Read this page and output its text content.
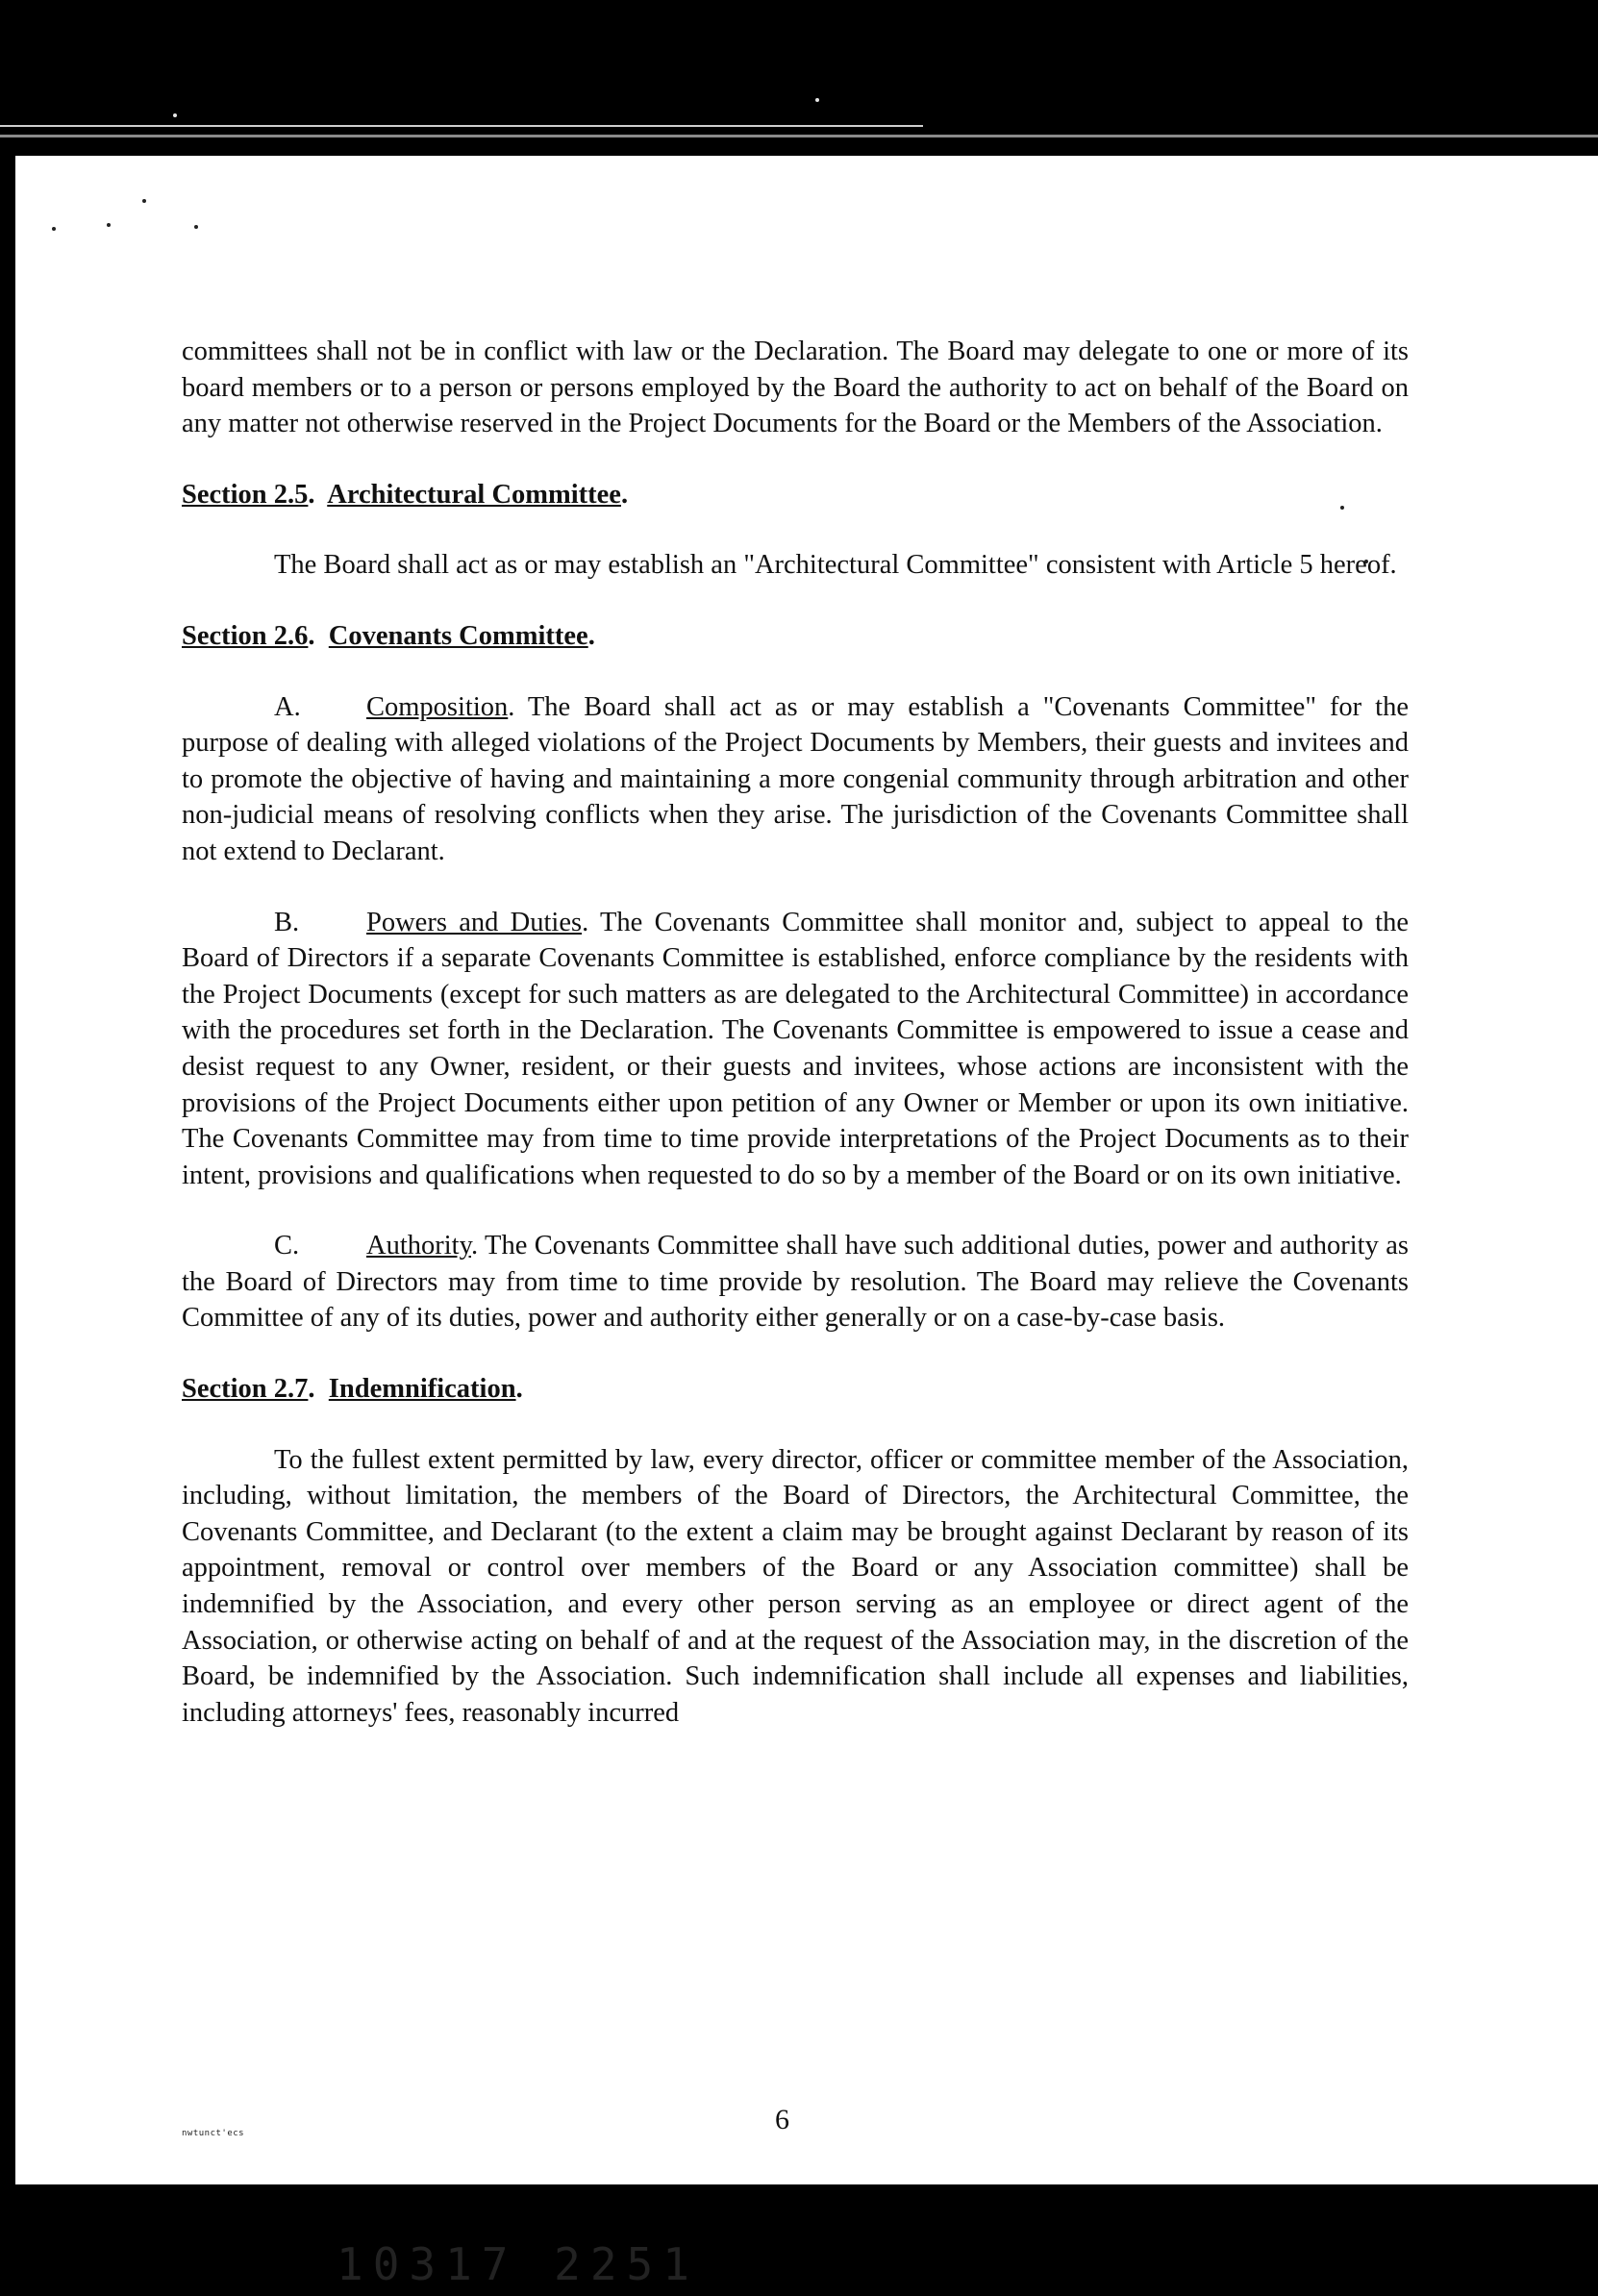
committees shall not be in conflict with law or the Declaration. The Board may delegate to one or more of its board members or to a person or persons employed by the Board the authority to act on behalf of the Board on any matter not otherwise reserved in the Project Documents for the Board or the Members of the Association.

Section 2.5.  Architectural Committee.

The Board shall act as or may establish an "Architectural Committee" consistent with Article 5 hereof.

Section 2.6.  Covenants Committee.

A. Composition. The Board shall act as or may establish a "Covenants Committee" for the purpose of dealing with alleged violations of the Project Documents by Members, their guests and invitees and to promote the objective of having and maintaining a more congenial community through arbitration and other non-judicial means of resolving conflicts when they arise. The jurisdiction of the Covenants Committee shall not extend to Declarant.

B. Powers and Duties. The Covenants Committee shall monitor and, subject to appeal to the Board of Directors if a separate Covenants Committee is established, enforce compliance by the residents with the Project Documents (except for such matters as are delegated to the Architectural Committee) in accordance with the procedures set forth in the Declaration. The Covenants Committee is empowered to issue a cease and desist request to any Owner, resident, or their guests and invitees, whose actions are inconsistent with the provisions of the Project Documents either upon petition of any Owner or Member or upon its own initiative. The Covenants Committee may from time to time provide interpretations of the Project Documents as to their intent, provisions and qualifications when requested to do so by a member of the Board or on its own initiative.

C. Authority. The Covenants Committee shall have such additional duties, power and authority as the Board of Directors may from time to time provide by resolution. The Board may relieve the Covenants Committee of any of its duties, power and authority either generally or on a case-by-case basis.

Section 2.7.  Indemnification.

To the fullest extent permitted by law, every director, officer or committee member of the Association, including, without limitation, the members of the Board of Directors, the Architectural Committee, the Covenants Committee, and Declarant (to the extent a claim may be brought against Declarant by reason of its appointment, removal or control over members of the Board or any Association committee) shall be indemnified by the Association, and every other person serving as an employee or direct agent of the Association, or otherwise acting on behalf of and at the request of the Association may, in the discretion of the Board, be indemnified by the Association. Such indemnification shall include all expenses and liabilities, including attorneys' fees, reasonably incurred

nwtunct'ecs	6
10317 2251
